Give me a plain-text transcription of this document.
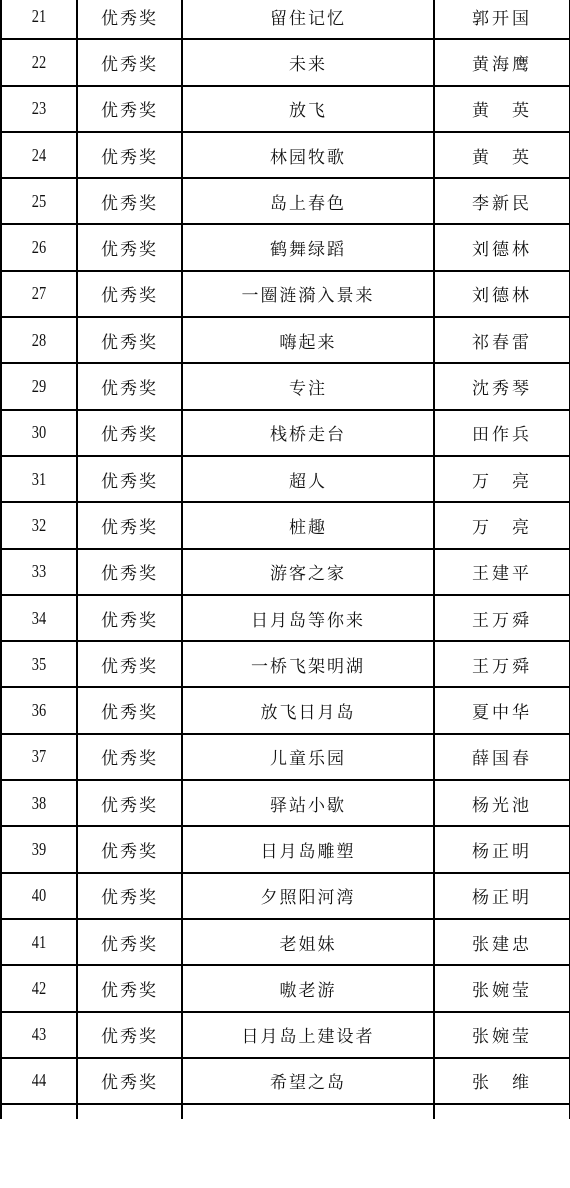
21	优秀奖	留住记忆	郭开国
22	优秀奖	未来	黄海鹰
23	优秀奖	放飞	黄　英
24	优秀奖	林园牧歌	黄　英
25	优秀奖	岛上春色	李新民
26	优秀奖	鹤舞绿蹈	刘德林
27	优秀奖	一圈涟漪入景来	刘德林
28	优秀奖	嗨起来	祁春雷
29	优秀奖	专注	沈秀琴
30	优秀奖	栈桥走台	田作兵
31	优秀奖	超人	万　亮
32	优秀奖	桩趣	万　亮
33	优秀奖	游客之家	王建平
34	优秀奖	日月岛等你来	王万舜
35	优秀奖	一桥飞架明湖	王万舜
36	优秀奖	放飞日月岛	夏中华
37	优秀奖	儿童乐园	薛国春
38	优秀奖	驿站小歇	杨光池
39	优秀奖	日月岛雕塑	杨正明
40	优秀奖	夕照阳河湾	杨正明
41	优秀奖	老姐妹	张建忠
42	优秀奖	嗷老游	张婉莹
43	优秀奖	日月岛上建设者	张婉莹
44	优秀奖	希望之岛	张　维
